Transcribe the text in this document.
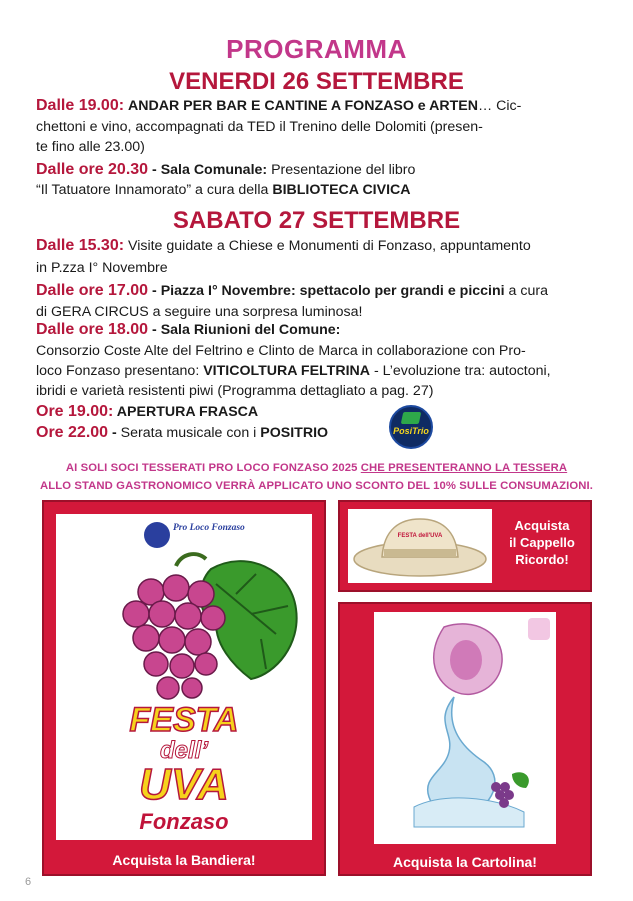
PROGRAMMA
VENERDI 26 SETTEMBRE
Dalle 19.00: ANDAR PER BAR E CANTINE A FONZASO e ARTEN… Cic-
chettoni e vino, accompagnati da TED il Trenino delle Dolomiti (presen-
te fino alle 23.00)
Dalle ore 20.30 - Sala Comunale: Presentazione del libro
“Il Tatuatore Innamorato” a cura della BIBLIOTECA CIVICA
SABATO 27 SETTEMBRE
Dalle 15.30: Visite guidate a Chiese e Monumenti di Fonzaso, appuntamento
in P.zza I° Novembre
Dalle ore 17.00 - Piazza I° Novembre: spettacolo per grandi e piccini a cura
di GERA CIRCUS a seguire una sorpresa luminosa!
Dalle ore 18.00 - Sala Riunioni del Comune:
Consorzio Coste Alte del Feltrino e Clinto de Marca in collaborazione con Pro-
loco Fonzaso presentano: VITICOLTURA FELTRINA - L’evoluzione tra: autoctoni,
ibridi e varietà resistenti piwi (Programma dettagliato a pag. 27)
Ore 19.00: APERTURA FRASCA
Ore 22.00 - Serata musicale con i POSITRIO	PosiTrio
AI SOLI SOCI TESSERATI PRO LOCO FONZASO 2025 CHE PRESENTERANNO LA TESSERA
ALLO STAND GASTRONOMICO VERRÀ APPLICATO UNO SCONTO DEL 10% SULLE CONSUMAZIONI.
Pro Loco Fonzaso
FESTA
dell’
UVA
Fonzaso
Acquista la Bandiera!
FESTA dell'UVA
Acquista
il Cappello
Ricordo!
Acquista la Cartolina!
6
